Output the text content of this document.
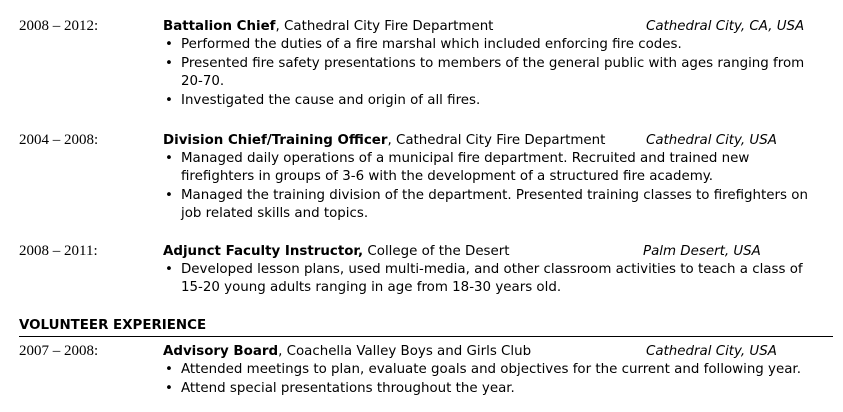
2008 – 2012:	Battalion Chief, Cathedral City Fire Department	Cathedral City, CA, USA
• Performed the duties of a fire marshal which included enforcing fire codes.
• Presented fire safety presentations to members of the general public with ages ranging from 20-70.
• Investigated the cause and origin of all fires.
2004 – 2008:	Division Chief/Training Officer, Cathedral City Fire Department	Cathedral City, USA
• Managed daily operations of a municipal fire department. Recruited and trained new firefighters in groups of 3-6 with the development of a structured fire academy.
• Managed the training division of the department. Presented training classes to firefighters on job related skills and topics.
2008 – 2011:	Adjunct Faculty Instructor, College of the Desert	Palm Desert, USA
• Developed lesson plans, used multi-media, and other classroom activities to teach a class of 15-20 young adults ranging in age from 18-30 years old.
VOLUNTEER EXPERIENCE
2007 – 2008:	Advisory Board, Coachella Valley Boys and Girls Club	Cathedral City, USA
• Attended meetings to plan, evaluate goals and objectives for the current and following year.
• Attend special presentations throughout the year.
